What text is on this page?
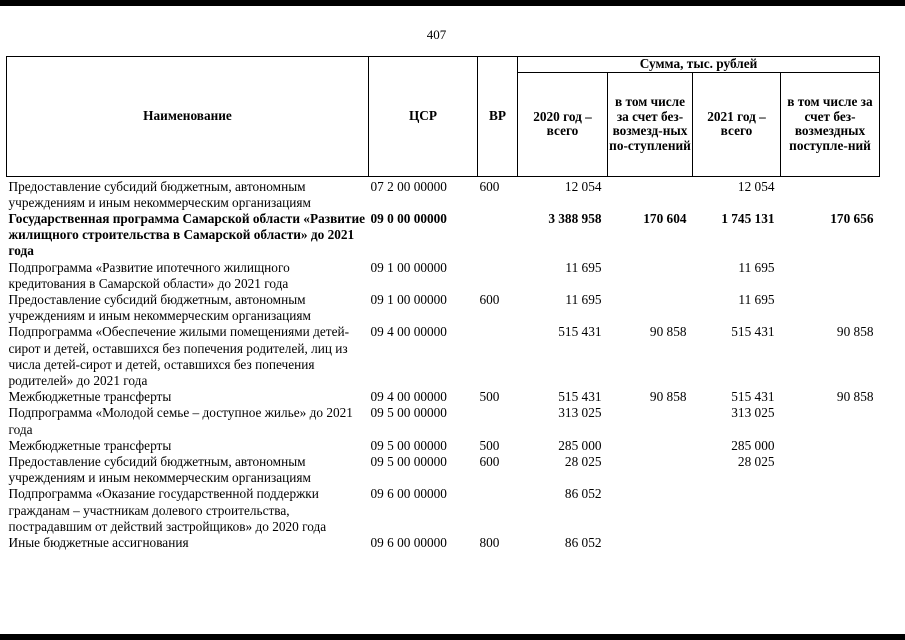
407
Наименование	ЦСР	ВР	Сумма, тыс. рублей			
			2020 год – всего	в том числе за счет без-возмезд-ных по-ступлений	2021 год – всего	в том числе за счет без-возмездных поступле-ний
Предоставление субсидий бюджетным, автономным учреждениям и иным некоммерческим организациям	07 2 00 00000	600	12 054		12 054	
Государственная программа Самарской области «Развитие жилищного строительства в Самарской области» до 2021 года	09 0 00 00000		3 388 958	170 604	1 745 131	170 656
Подпрограмма «Развитие ипотечного жилищного кредитования в Самарской области» до 2021 года	09 1 00 00000		11 695		11 695	
Предоставление субсидий бюджетным, автономным учреждениям и иным некоммерческим организациям	09 1 00 00000	600	11 695		11 695	
Подпрограмма «Обеспечение жилыми помещениями детей-сирот и детей, оставшихся без попечения родителей, лиц из числа детей-сирот и детей, оставшихся без попечения родителей» до 2021 года	09 4 00 00000		515 431	90 858	515 431	90 858
Межбюджетные трансферты	09 4 00 00000	500	515 431	90 858	515 431	90 858
Подпрограмма «Молодой семье – доступное жилье» до 2021 года	09 5 00 00000		313 025		313 025	
Межбюджетные трансферты	09 5 00 00000	500	285 000		285 000	
Предоставление субсидий бюджетным, автономным учреждениям и иным некоммерческим организациям	09 5 00 00000	600	28 025		28 025	
Подпрограмма «Оказание государственной поддержки гражданам – участникам долевого строительства, пострадавшим от действий застройщиков» до 2020 года	09 6 00 00000		86 052			
Иные бюджетные ассигнования	09 6 00 00000	800	86 052			
